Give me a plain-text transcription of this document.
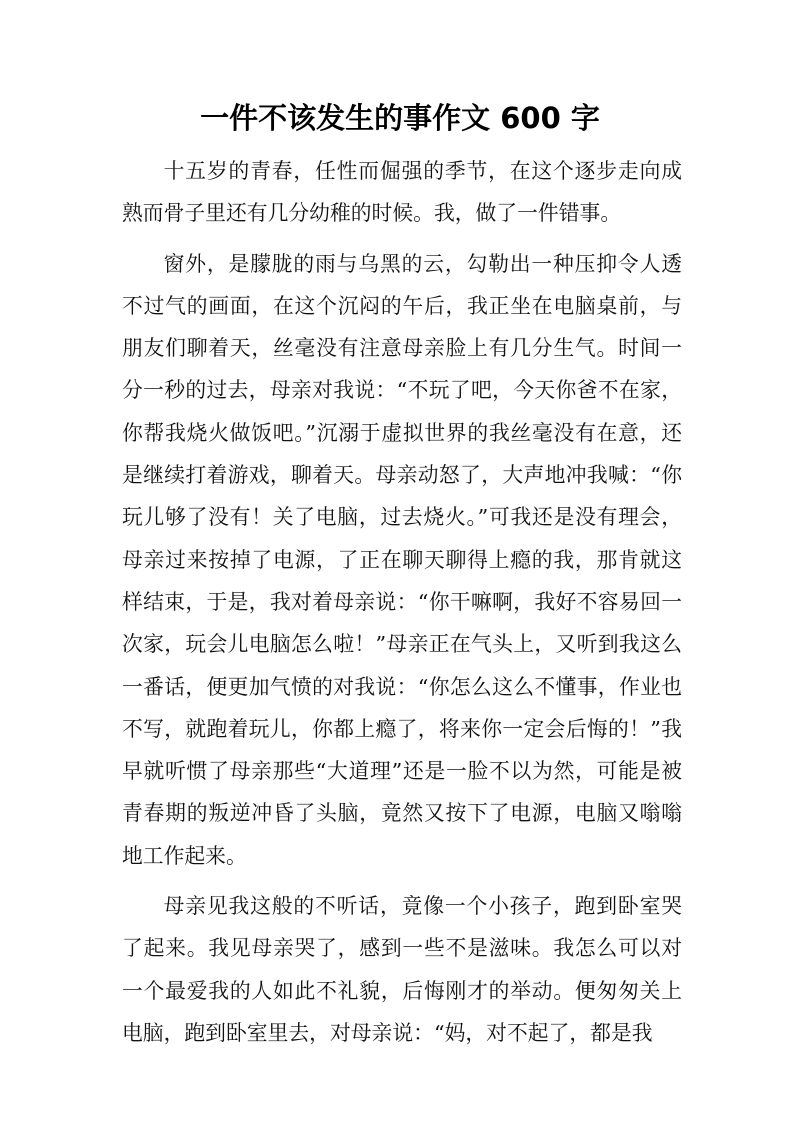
一件不该发生的事作文 600 字

十五岁的青春，任性而倔强的季节，在这个逐步走向成熟而骨子里还有几分幼稚的时候。我，做了一件错事。

窗外，是朦胧的雨与乌黑的云，勾勒出一种压抑令人透不过气的画面，在这个沉闷的午后，我正坐在电脑桌前，与朋友们聊着天，丝毫没有注意母亲脸上有几分生气。时间一分一秒的过去，母亲对我说：“不玩了吧，今天你爸不在家，你帮我烧火做饭吧。”沉溺于虚拟世界的我丝毫没有在意，还是继续打着游戏，聊着天。母亲动怒了，大声地冲我喊：“你玩儿够了没有！关了电脑，过去烧火。”可我还是没有理会，母亲过来按掉了电源，了正在聊天聊得上瘾的我，那肯就这样结束，于是，我对着母亲说：“你干嘛啊，我好不容易回一次家，玩会儿电脑怎么啦！”母亲正在气头上，又听到我这么一番话，便更加气愤的对我说：“你怎么这么不懂事，作业也不写，就跑着玩儿，你都上瘾了，将来你一定会后悔的！”我早就听惯了母亲那些“大道理”还是一脸不以为然，可能是被青春期的叛逆冲昏了头脑，竟然又按下了电源，电脑又嗡嗡地工作起来。

母亲见我这般的不听话，竟像一个小孩子，跑到卧室哭了起来。我见母亲哭了，感到一些不是滋味。我怎么可以对一个最爱我的人如此不礼貌，后悔刚才的举动。便匆匆关上电脑，跑到卧室里去，对母亲说：“妈，对不起了，都是我
